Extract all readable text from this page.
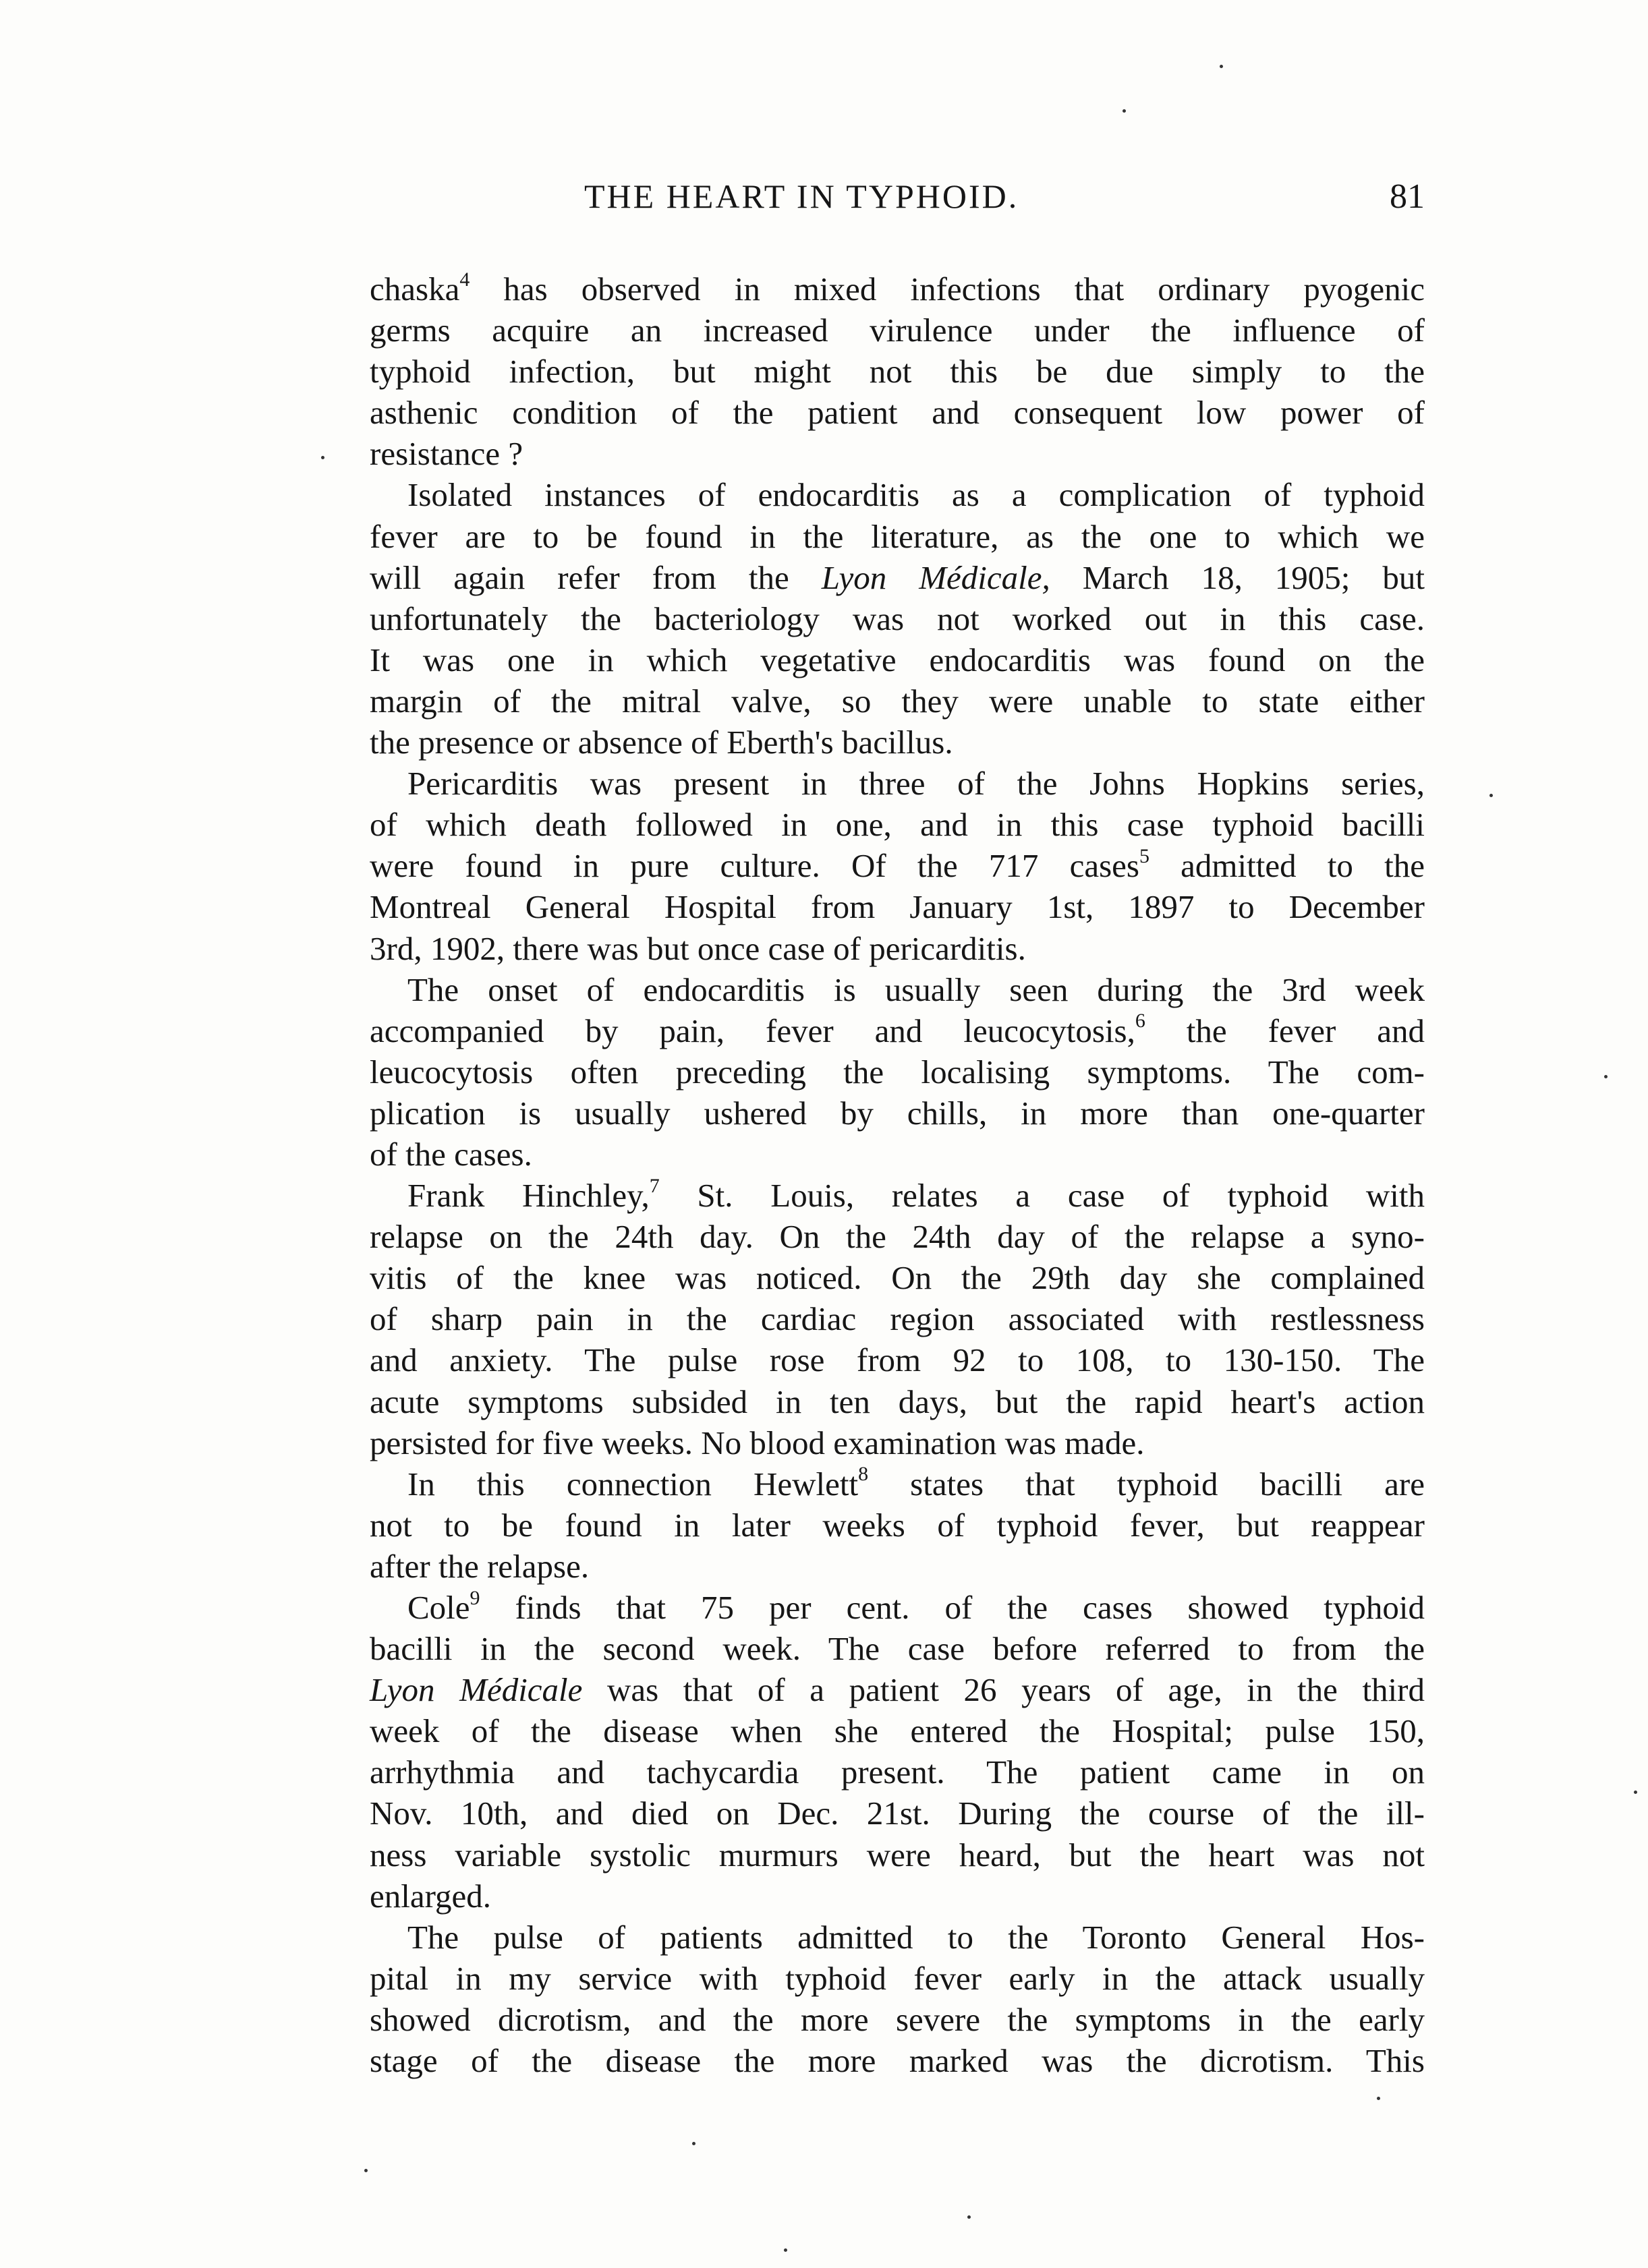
THE HEART IN TYPHOID.	81

chaska$^4$ has observed in mixed infections that ordinary pyogenic
germs acquire an increased virulence under the influence of
typhoid infection, but might not this be due simply to the
asthenic condition of the patient and consequent low power of
resistance ?

Isolated instances of endocarditis as a complication of typhoid
fever are to be found in the literature, as the one to which we
will again refer from the Lyon Médicale, March 18, 1905; but
unfortunately the bacteriology was not worked out in this case.
It was one in which vegetative endocarditis was found on the
margin of the mitral valve, so they were unable to state either
the presence or absence of Eberth's bacillus.

Pericarditis was present in three of the Johns Hopkins series,
of which death followed in one, and in this case typhoid bacilli
were found in pure culture. Of the 717 cases$^5$ admitted to the
Montreal General Hospital from January 1st, 1897 to December
3rd, 1902, there was but once case of pericarditis.

The onset of endocarditis is usually seen during the 3rd week
accompanied by pain, fever and leucocytosis,$^6$ the fever and
leucocytosis often preceding the localising symptoms. The com-
plication is usually ushered by chills, in more than one-quarter
of the cases.

Frank Hinchley,$^7$ St. Louis, relates a case of typhoid with
relapse on the 24th day. On the 24th day of the relapse a syno-
vitis of the knee was noticed. On the 29th day she complained
of sharp pain in the cardiac region associated with restlessness
and anxiety. The pulse rose from 92 to 108, to 130-150. The
acute symptoms subsided in ten days, but the rapid heart's action
persisted for five weeks. No blood examination was made.

In this connection Hewlett$^8$ states that typhoid bacilli are
not to be found in later weeks of typhoid fever, but reappear
after the relapse.

Cole$^9$ finds that 75 per cent. of the cases showed typhoid
bacilli in the second week. The case before referred to from the
Lyon Médicale was that of a patient 26 years of age, in the third
week of the disease when she entered the Hospital; pulse 150,
arrhythmia and tachycardia present. The patient came in on
Nov. 10th, and died on Dec. 21st. During the course of the ill-
ness variable systolic murmurs were heard, but the heart was not
enlarged.

The pulse of patients admitted to the Toronto General Hos-
pital in my service with typhoid fever early in the attack usually
showed dicrotism, and the more severe the symptoms in the early
stage of the disease the more marked was the dicrotism. This
